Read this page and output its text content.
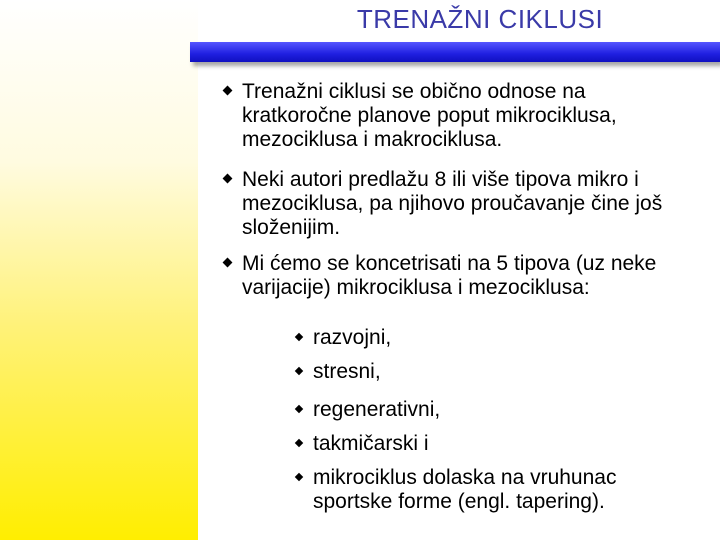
TRENAŽNI CIKLUSI
Trenažni ciklusi se obično odnose na kratkoročne planove poput mikrociklusa, mezociklusa i makrociklusa.
Neki autori predlažu 8 ili više tipova mikro i mezociklusa, pa njihovo proučavanje čine još složenijim.
Mi ćemo se koncetrisati na 5 tipova (uz neke varijacije) mikrociklusa i mezociklusa:
razvojni,
stresni,
regenerativni,
takmičarski i
mikrociklus dolaska na vruhunac sportske forme (engl. tapering).
